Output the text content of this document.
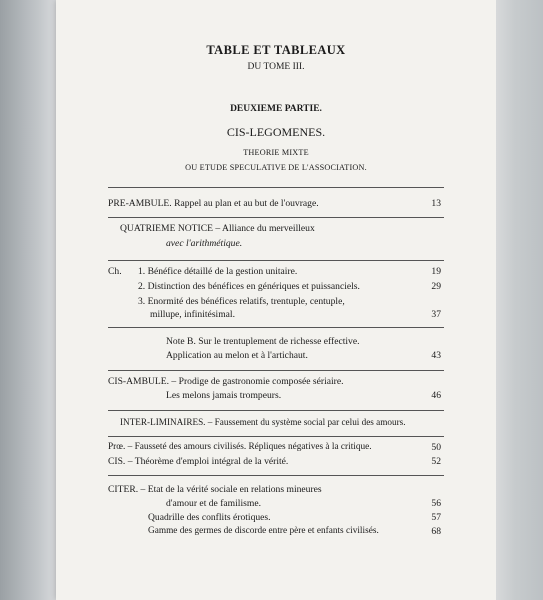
TABLE ET TABLEAUX
DU TOME III.
DEUXIEME PARTIE.
CIS-LEGOMENES.
THEORIE MIXTE
OU ETUDE SPECULATIVE DE L'ASSOCIATION.
PRE-AMBULE. Rappel au plan et au but de l'ouvrage.	13
QUATRIEME NOTICE – Alliance du merveilleux
avec l'arithmétique.
Ch. 1. Bénéfice détaillé de la gestion unitaire.	19
2. Distinction des bénéfices en génériques et puissanciels.	29
3. Enormité des bénéfices relatifs, trentuple, centuple,
millupe, infinitésimal.	37
Note B. Sur le trentuplement de richesse effective.
Application au melon et à l'artichaut.	43
CIS-AMBULE. – Prodige de gastronomie composée sériaire.
Les melons jamais trompeurs.	46
INTER-LIMINAIRES. – Faussement du système social par celui des amours.
Prœ. – Fausseté des amours civilisés. Répliques négatives à la critique.	50
CIS. – Théorème d'emploi intégral de la vérité.	52
CITER. – Etat de la vérité sociale en relations mineures
d'amour et de familisme.	56
Quadrille des conflits érotiques.	57
Gamme des germes de discorde entre père et enfants civilisés.	68
